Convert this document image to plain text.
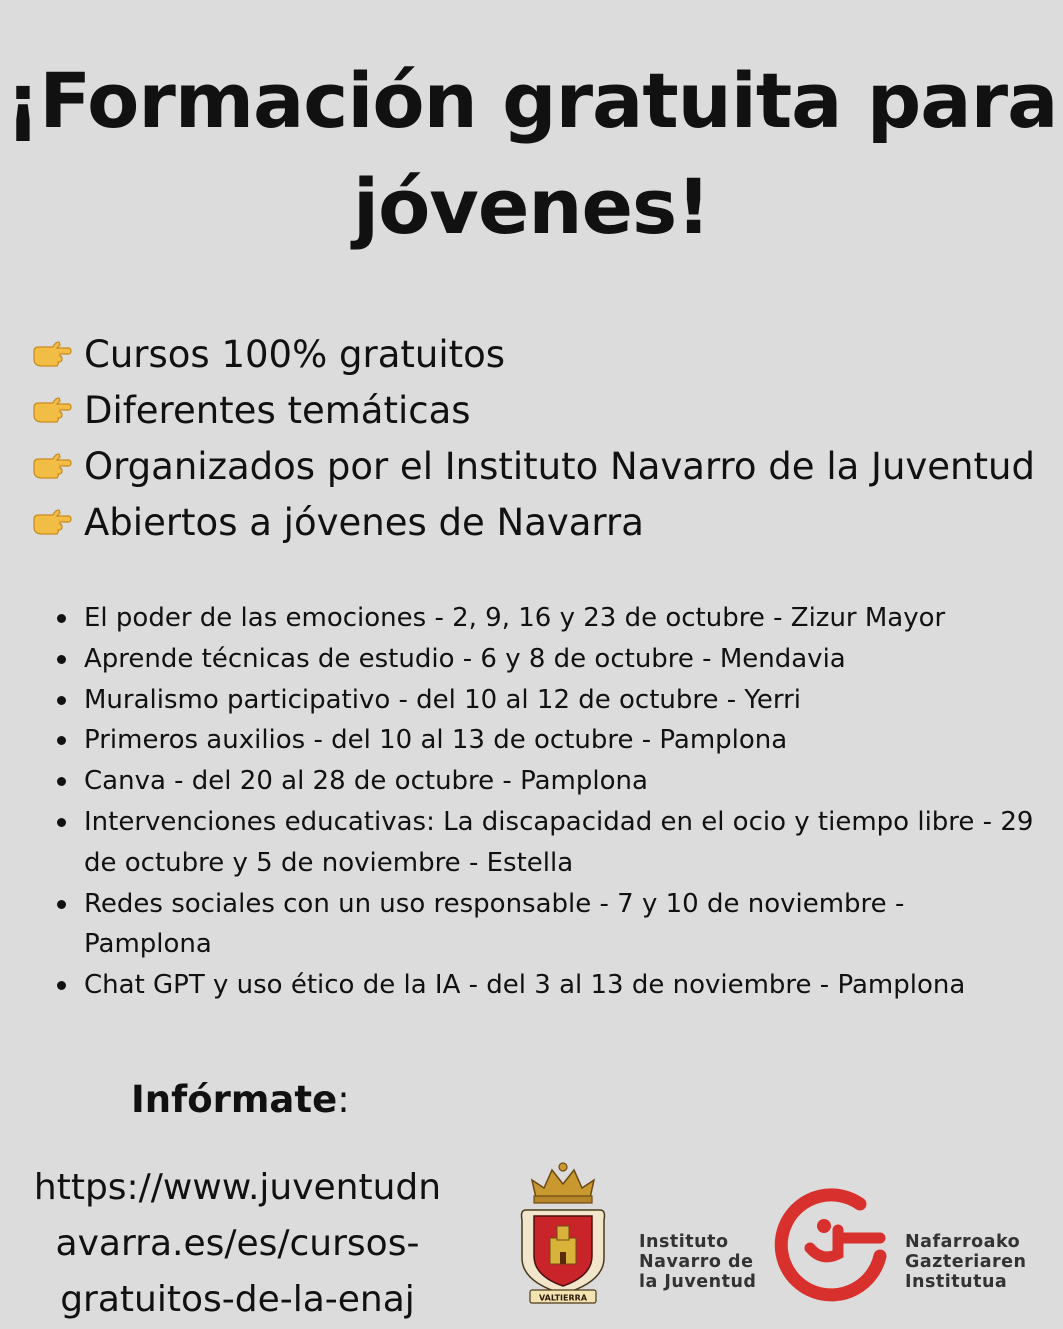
¡Formación gratuita para
jóvenes!
Cursos 100% gratuitos
Diferentes temáticas
Organizados por el Instituto Navarro de la Juventud
Abiertos a jóvenes de Navarra
El poder de las emociones - 2, 9, 16 y 23 de octubre - Zizur Mayor
Aprende técnicas de estudio - 6 y 8 de octubre - Mendavia
Muralismo participativo - del 10 al 12 de octubre - Yerri
Primeros auxilios - del 10 al 13 de octubre - Pamplona
Canva - del 20 al 28 de octubre - Pamplona
Intervenciones educativas: La discapacidad en el ocio y tiempo libre - 29 de octubre y 5 de noviembre - Estella
Redes sociales con un uso responsable - 7 y 10 de noviembre - Pamplona
Chat GPT y uso ético de la IA - del 3 al 13 de noviembre - Pamplona

Infórmate:

https://www.juventudn
avarra.es/es/cursos-
gratuitos-de-la-enaj	VALTIERRA
Instituto
Navarro de
la Juventud
Nafarroako
Gazteriaren
Institutua
